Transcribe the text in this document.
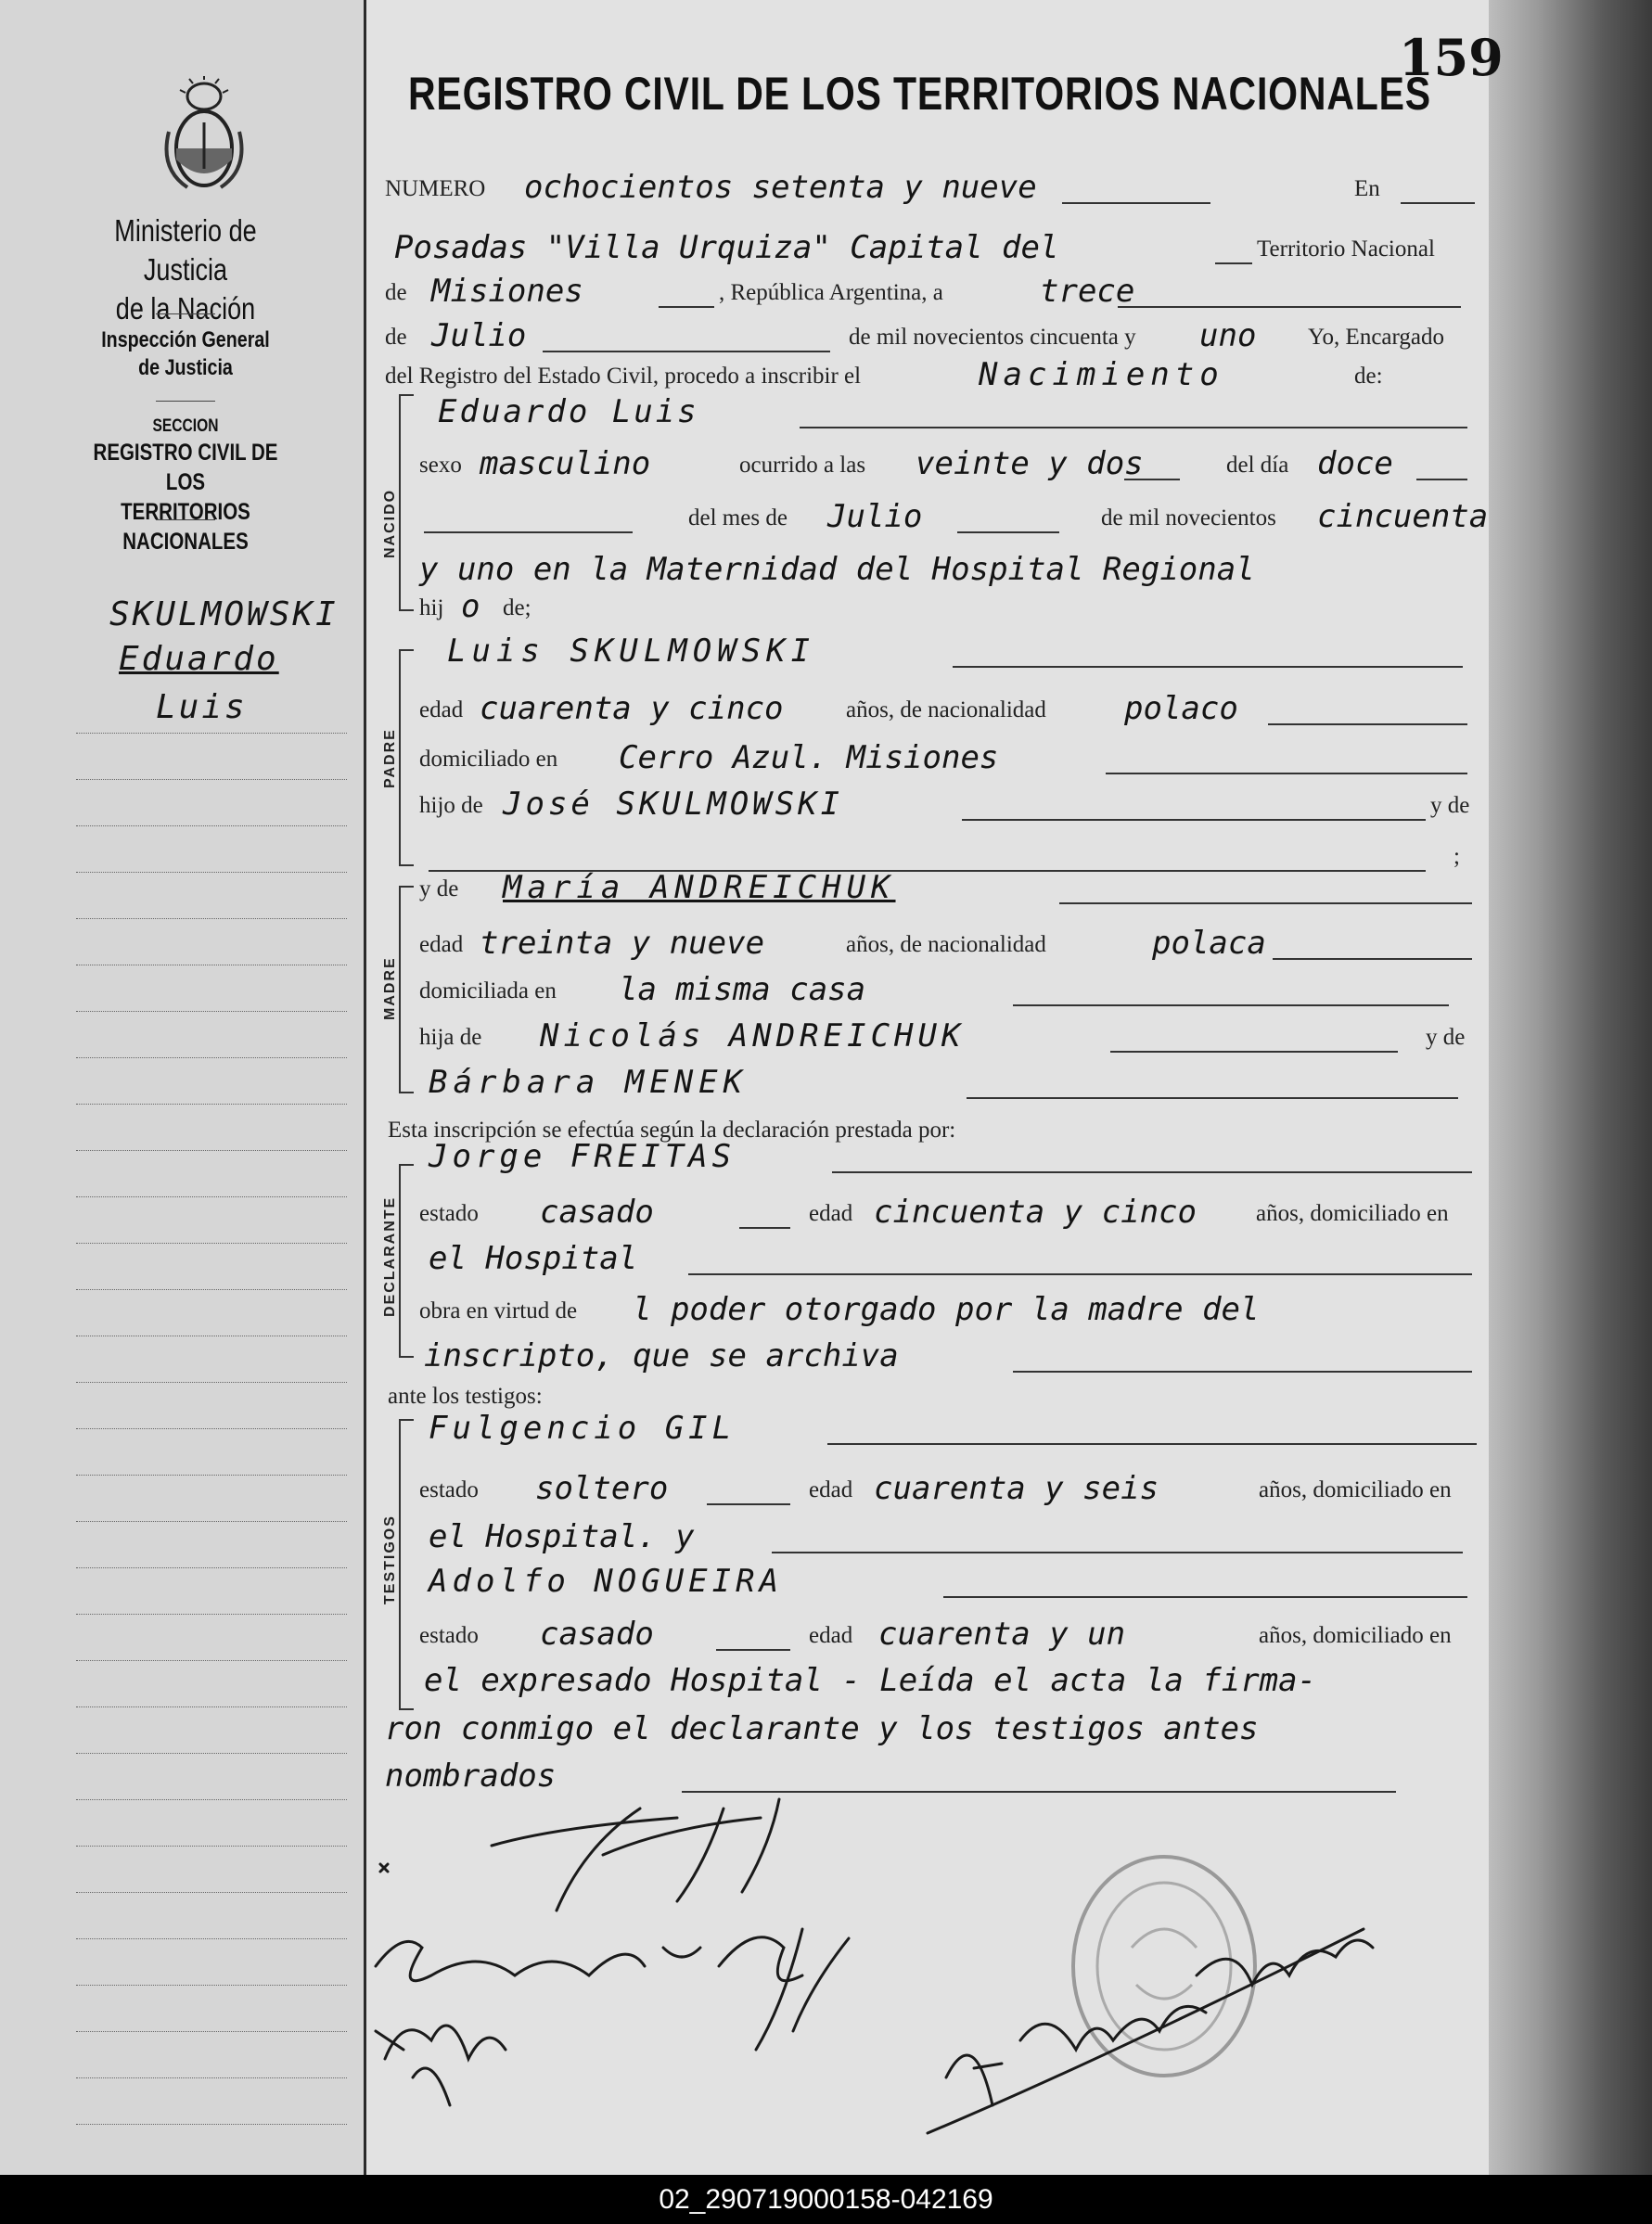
Ministerio de Justicia
de la Nación
Inspección General
de Justicia
SECCION
REGISTRO CIVIL DE LOS
TERRITORIOS NACIONALES
SKULMOWSKI
Eduardo
Luis
159
REGISTRO CIVIL DE LOS TERRITORIOS NACIONALES
NUMERO ochocientos setenta y nueve	En
Posadas "Villa Urquiza" Capital del	Territorio Nacional
de Misiones	, República Argentina, a	trece
de Julio	de mil novecientos cincuenta y uno Yo, Encargado
del Registro del Estado Civil, procedo a inscribir el	Nacimiento	de:
NACIDO
Eduardo Luis
sexo masculino	ocurrido a las veinte y dos	del día doce
del mes de Julio	de mil novecientos cincuenta
y uno en la Maternidad del Hospital Regional
hij o de;
PADRE
Luis SKULMOWSKI
edad cuarenta y cinco	años, de nacionalidad polaco
domiciliado en Cerro Azul. Misiones
hijo de José SKULMOWSKI	y de
;
MADRE
y de María ANDREICHUK
edad treinta y nueve	años, de nacionalidad	polaca
domiciliada en la misma casa
hija de Nicolás ANDREICHUK	y de
Bárbara MENEK
Esta inscripción se efectúa según la declaración prestada por:
DECLARANTE
Jorge FREITAS
estado casado	edad cincuenta y cinco	años, domiciliado en
el Hospital
obra en virtud de l poder otorgado por la madre del
inscripto, que se archiva
ante los testigos:
TESTIGOS
Fulgencio GIL
estado soltero	edad cuarenta y seis	años, domiciliado en
el Hospital. y
Adolfo NOGUEIRA
estado casado	edad cuarenta y un	años, domiciliado en
el expresado Hospital - Leída el acta la firma-
ron conmigo el declarante y los testigos antes
nombrados
02_290719000158-042169
